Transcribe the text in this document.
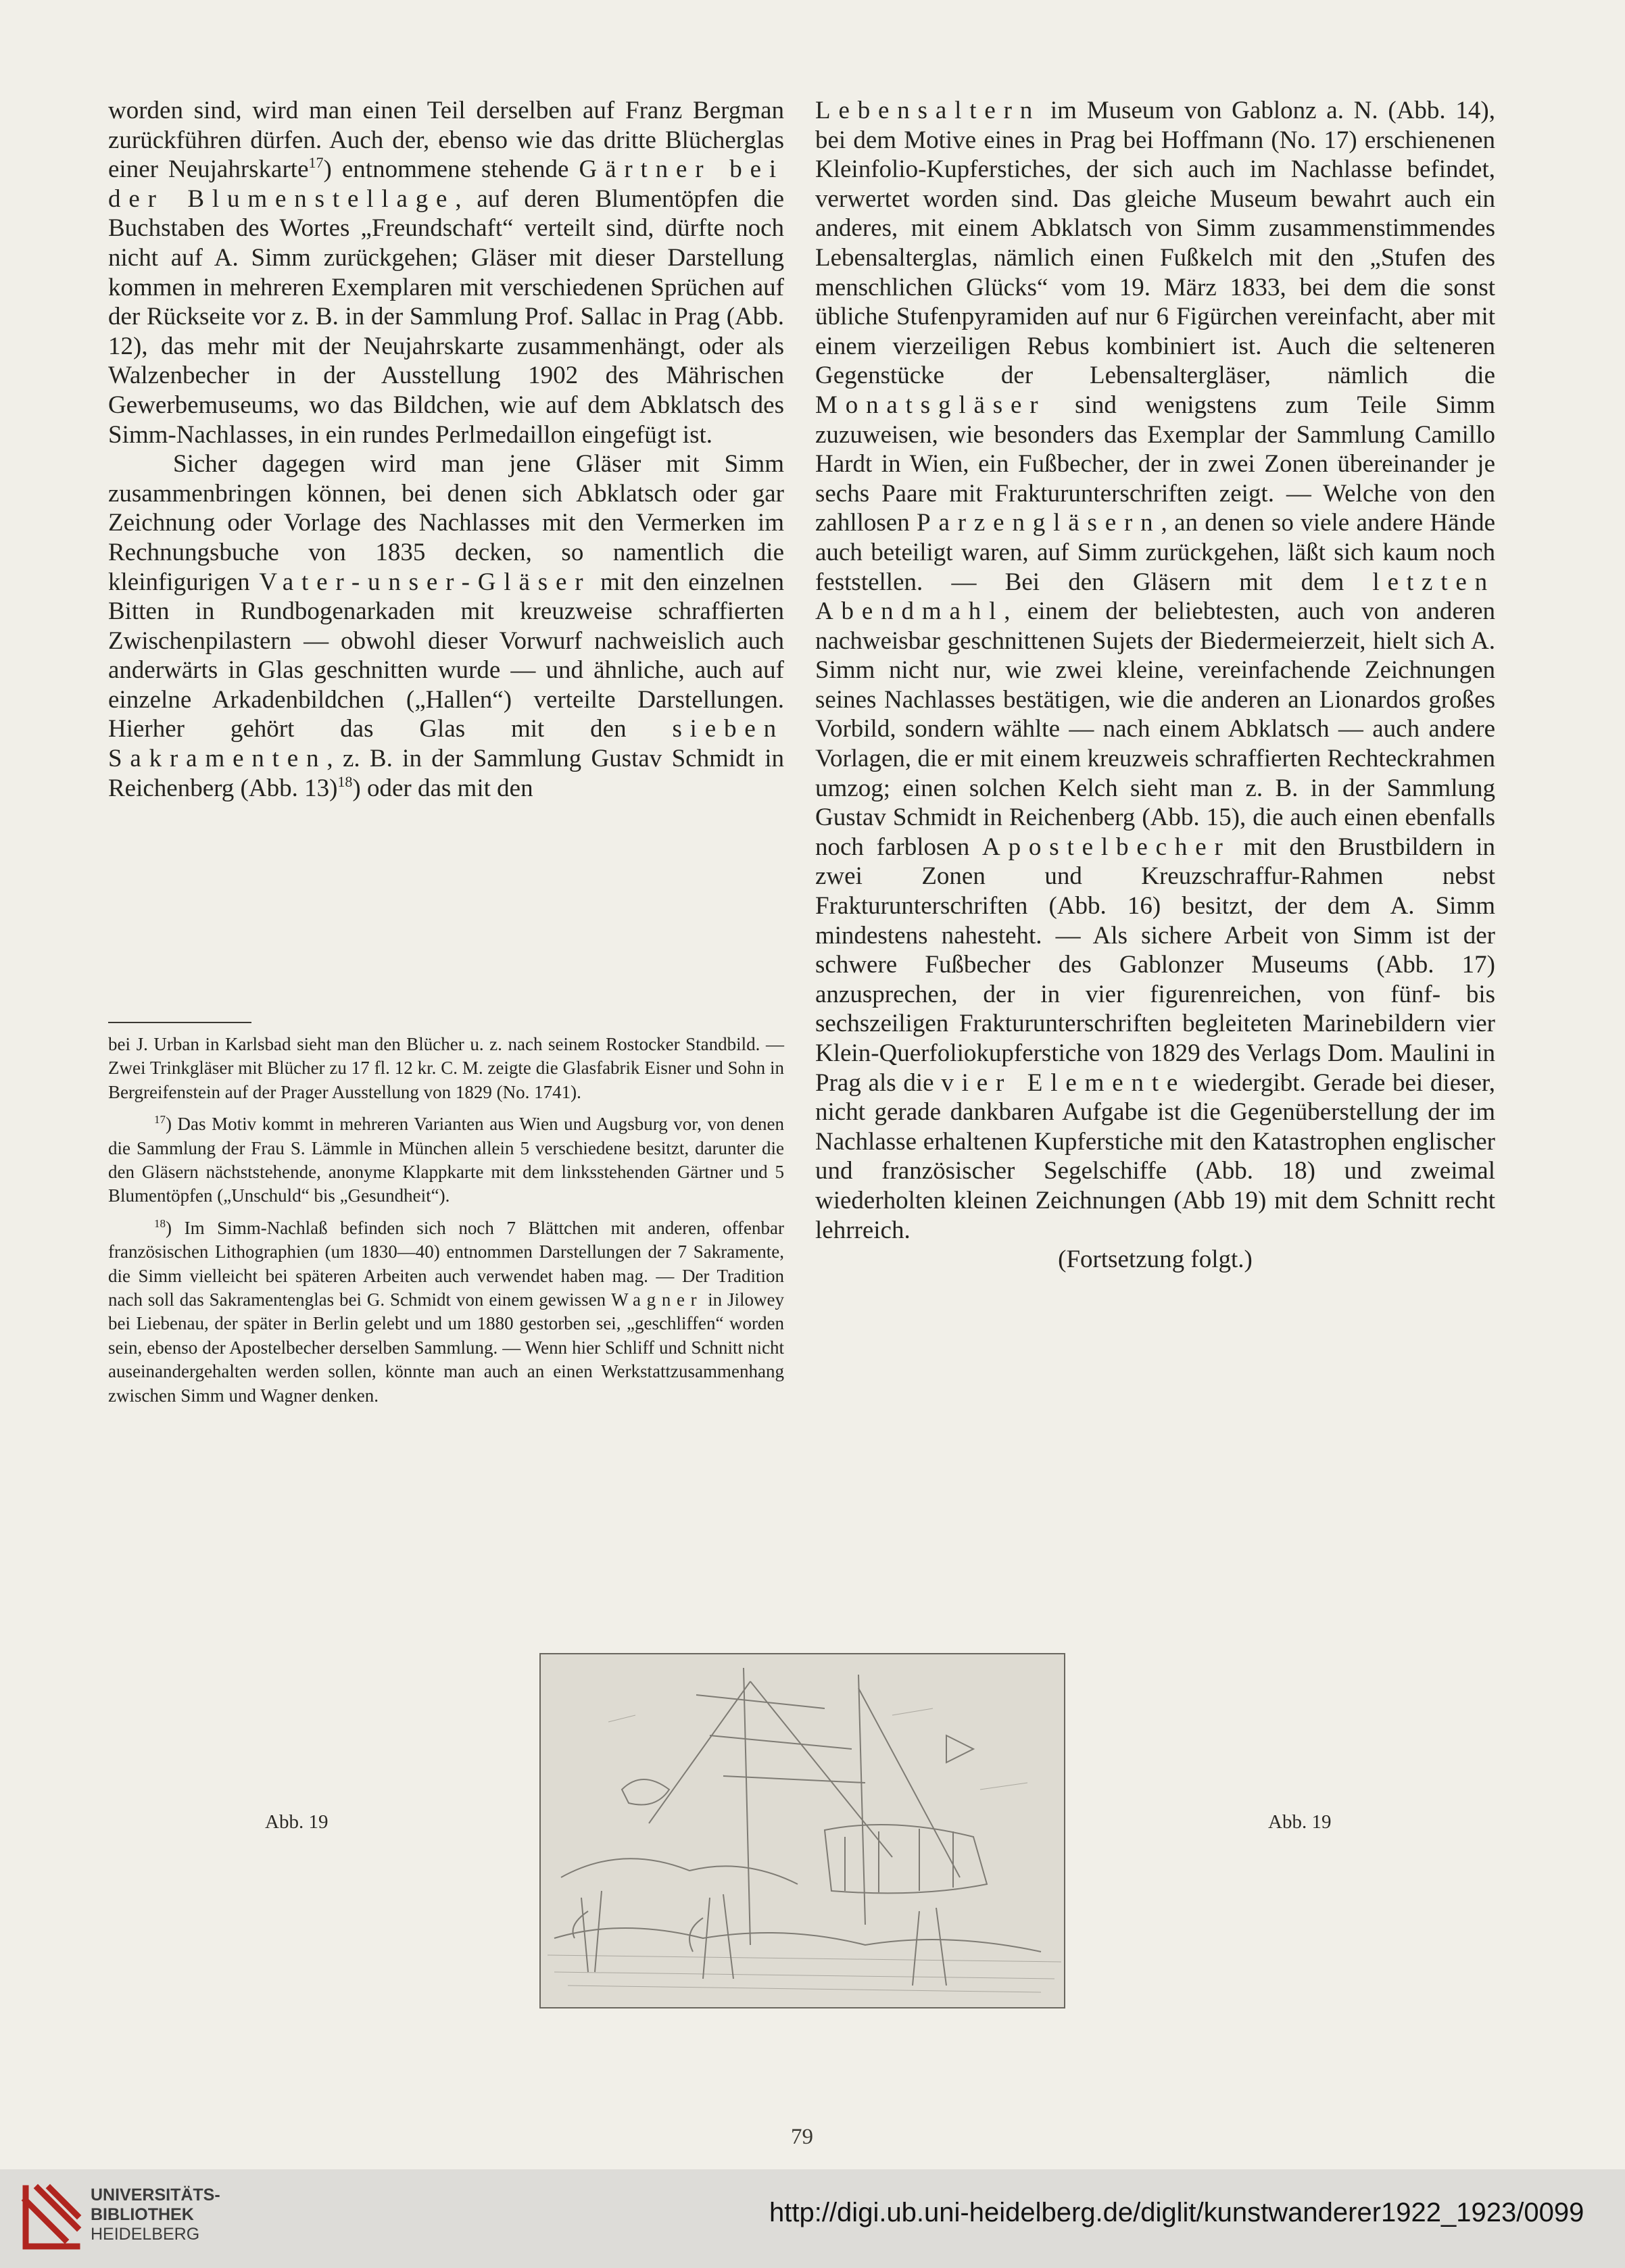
worden sind, wird man einen Teil derselben auf Franz Bergman zurückführen dürfen. Auch der, ebenso wie das dritte Blücherglas einer Neujahrskarte$^{17}$) entnommene stehende Gärtner bei der Blumenstellage, auf deren Blumentöpfen die Buchstaben des Wortes „Freundschaft“ verteilt sind, dürfte noch nicht auf A. Simm zurückgehen; Gläser mit dieser Darstellung kommen in mehreren Exemplaren mit verschiedenen Sprüchen auf der Rückseite vor z. B. in der Sammlung Prof. Sallac in Prag (Abb. 12), das mehr mit der Neujahrskarte zusammenhängt, oder als Walzenbecher in der Ausstellung 1902 des Mährischen Gewerbemuseums, wo das Bildchen, wie auf dem Abklatsch des Simm-Nachlasses, in ein rundes Perlmedaillon eingefügt ist.

Sicher dagegen wird man jene Gläser mit Simm zusammenbringen können, bei denen sich Abklatsch oder gar Zeichnung oder Vorlage des Nachlasses mit den Vermerken im Rechnungsbuche von 1835 decken, so namentlich die kleinfigurigen Vater-unser-Gläser mit den einzelnen Bitten in Rundbogenarkaden mit kreuzweise schraffierten Zwischenpilastern — obwohl dieser Vorwurf nachweislich auch anderwärts in Glas geschnitten wurde — und ähnliche, auch auf einzelne Arkadenbildchen („Hallen“) verteilte Darstellungen. Hierher gehört das Glas mit den sieben Sakramenten, z. B. in der Sammlung Gustav Schmidt in Reichenberg (Abb. 13)$^{18}$) oder das mit den

bei J. Urban in Karlsbad sieht man den Blücher u. z. nach seinem Rostocker Standbild. — Zwei Trinkgläser mit Blücher zu 17 fl. 12 kr. C. M. zeigte die Glasfabrik Eisner und Sohn in Bergreifenstein auf der Prager Ausstellung von 1829 (No. 1741).

$^{17}$) Das Motiv kommt in mehreren Varianten aus Wien und Augsburg vor, von denen die Sammlung der Frau S. Lämmle in München allein 5 verschiedene besitzt, darunter die den Gläsern nächststehende, anonyme Klappkarte mit dem linksstehenden Gärtner und 5 Blumentöpfen („Unschuld“ bis „Gesundheit“).

$^{18}$) Im Simm-Nachlaß befinden sich noch 7 Blättchen mit anderen, offenbar französischen Lithographien (um 1830—40) entnommen Darstellungen der 7 Sakramente, die Simm vielleicht bei späteren Arbeiten auch verwendet haben mag. — Der Tradition nach soll das Sakramentenglas bei G. Schmidt von einem gewissen Wagner in Jilowey bei Liebenau, der später in Berlin gelebt und um 1880 gestorben sei, „geschliffen“ worden sein, ebenso der Apostelbecher derselben Sammlung. — Wenn hier Schliff und Schnitt nicht auseinandergehalten werden sollen, könnte man auch an einen Werkstattzusammenhang zwischen Simm und Wagner denken.

Lebensaltern im Museum von Gablonz a. N. (Abb. 14), bei dem Motive eines in Prag bei Hoffmann (No. 17) erschienenen Kleinfolio-Kupferstiches, der sich auch im Nachlasse befindet, verwertet worden sind. Das gleiche Museum bewahrt auch ein anderes, mit einem Abklatsch von Simm zusammenstimmendes Lebensalterglas, nämlich einen Fußkelch mit den „Stufen des menschlichen Glücks“ vom 19. März 1833, bei dem die sonst übliche Stufenpyramiden auf nur 6 Figürchen vereinfacht, aber mit einem vierzeiligen Rebus kombiniert ist. Auch die selteneren Gegenstücke der Lebensaltergläser, nämlich die Monatsgläser sind wenigstens zum Teile Simm zuzuweisen, wie besonders das Exemplar der Sammlung Camillo Hardt in Wien, ein Fußbecher, der in zwei Zonen übereinander je sechs Paare mit Frakturunterschriften zeigt. — Welche von den zahllosen Parzengläsern, an denen so viele andere Hände auch beteiligt waren, auf Simm zurückgehen, läßt sich kaum noch feststellen. — Bei den Gläsern mit dem letzten Abendmahl, einem der beliebtesten, auch von anderen nachweisbar geschnittenen Sujets der Biedermeierzeit, hielt sich A. Simm nicht nur, wie zwei kleine, vereinfachende Zeichnungen seines Nachlasses bestätigen, wie die anderen an Lionardos großes Vorbild, sondern wählte — nach einem Abklatsch — auch andere Vorlagen, die er mit einem kreuzweis schraffierten Rechteckrahmen umzog; einen solchen Kelch sieht man z. B. in der Sammlung Gustav Schmidt in Reichenberg (Abb. 15), die auch einen ebenfalls noch farblosen Apostelbecher mit den Brustbildern in zwei Zonen und Kreuzschraffur-Rahmen nebst Frakturunterschriften (Abb. 16) besitzt, der dem A. Simm mindestens nahesteht. — Als sichere Arbeit von Simm ist der schwere Fußbecher des Gablonzer Museums (Abb. 17) anzusprechen, der in vier figurenreichen, von fünf- bis sechszeiligen Frakturunterschriften begleiteten Marinebildern vier Klein-Querfoliokupferstiche von 1829 des Verlags Dom. Maulini in Prag als die vier Elemente wiedergibt. Gerade bei dieser, nicht gerade dankbaren Aufgabe ist die Gegenüberstellung der im Nachlasse erhaltenen Kupferstiche mit den Katastrophen englischer und französischer Segelschiffe (Abb. 18) und zweimal wiederholten kleinen Zeichnungen (Abb 19) mit dem Schnitt recht lehrreich.

(Fortsetzung folgt.)

Abb. 19	Abb. 19
79
UNIVERSITÄTS-
BIBLIOTHEK
HEIDELBERG
http://digi.ub.uni-heidelberg.de/diglit/kunstwanderer1922_1923/0099
